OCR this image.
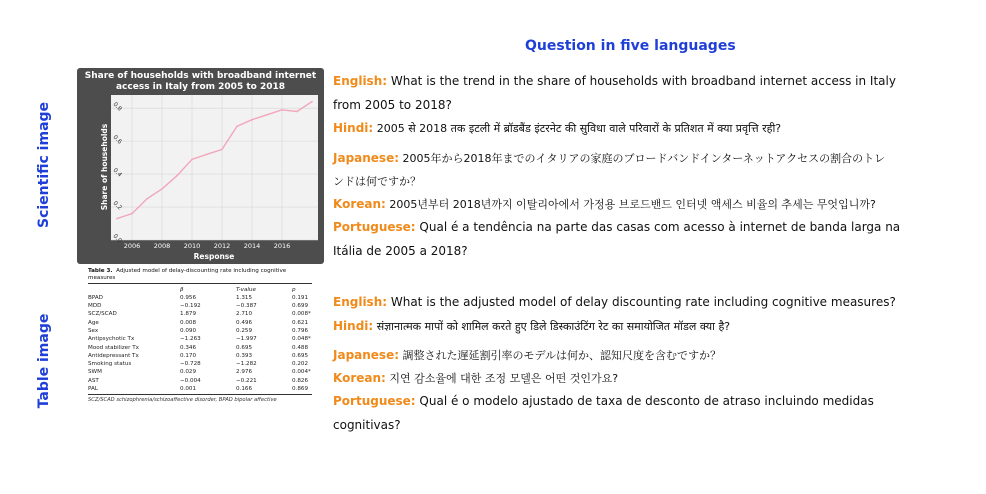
Scientific image
Table image
Question in five languages
Share of households with broadband internet
access in Italy from 2005 to 2018
0.0
0.2
0.4
0.6
0.8
2006 2008 2010 2012 2014 2016
Share of households
Response
Table 3. Adjusted model of delay-discounting rate including cognitive measures
	β	T-value	p
BPAD	0.956	1.315	0.191
MDD	−0.192	−0.387	0.699
SCZ/SCAD	1.879	2.710	0.008*
Age	0.008	0.496	0.621
Sex	0.090	0.259	0.796
Antipsychotic Tx	−1.263	−1.997	0.048*
Mood stabilizer Tx	0.346	0.695	0.488
Antidepressant Tx	0.170	0.393	0.695
Smoking status	−0.728	−1.282	0.202
SWM	0.029	2.976	0.004*
AST	−0.004	−0.221	0.826
PAL	0.001	0.166	0.869
SCZ/SCAD schizophrenia/schizoaffective disorder, BPAD bipolar affective
English: What is the trend in the share of households with broadband internet access in Italy
from 2005 to 2018?
Hindi: 2005 से 2018 तक इटली में ब्रॉडबैंड इंटरनेट की सुविधा वाले परिवारों के प्रतिशत में क्या प्रवृत्ति रही?
Japanese: 2005年から2018年までのイタリアの家庭のブロードバンドインターネットアクセスの割合のトレ
ンドは何ですか？
Korean: 2005년부터 2018년까지 이탈리아에서 가정용 브로드밴드 인터넷 액세스 비율의 추세는 무엇입니까?
Portuguese: Qual é a tendência na parte das casas com acesso à internet de banda larga na
Itália de 2005 a 2018?
English: What is the adjusted model of delay discounting rate including cognitive measures?
Hindi: संज्ञानात्मक मापों को शामिल करते हुए डिले डिस्काउंटिंग रेट का समायोजित मॉडल क्या है?
Japanese: 調整された遅延割引率のモデルは何か、認知尺度を含むですか？
Korean: 지연 감소율에 대한 조정 모델은 어떤 것인가요?
Portuguese: Qual é o modelo ajustado de taxa de desconto de atraso incluindo medidas
cognitivas?
